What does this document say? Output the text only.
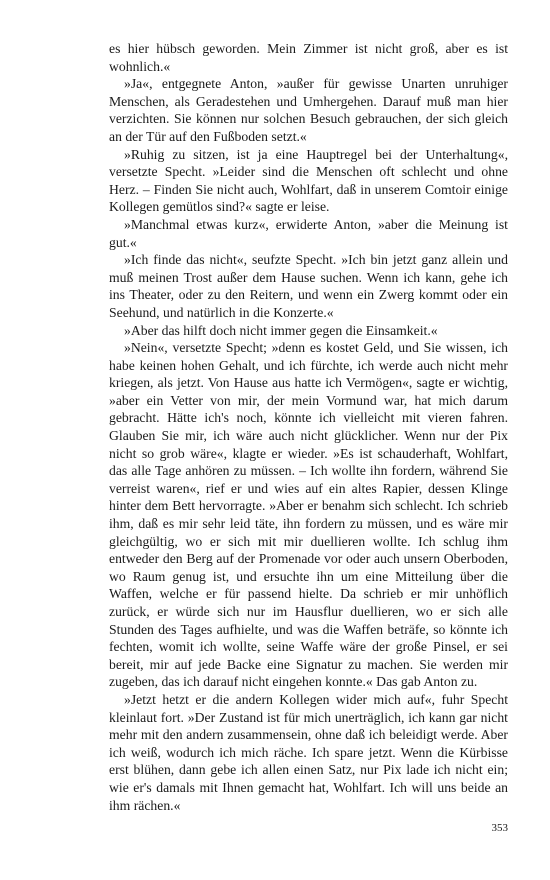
es hier hübsch geworden. Mein Zimmer ist nicht groß, aber es ist wohnlich.«

»Ja«, entgegnete Anton, »außer für gewisse Unarten unruhiger Menschen, als Geradestehen und Umhergehen. Darauf muß man hier verzichten. Sie können nur solchen Besuch gebrauchen, der sich gleich an der Tür auf den Fußboden setzt.«

»Ruhig zu sitzen, ist ja eine Hauptregel bei der Unterhaltung«, versetzte Specht. »Leider sind die Menschen oft schlecht und ohne Herz. – Finden Sie nicht auch, Wohlfart, daß in unserem Comtoir einige Kollegen gemütlos sind?« sagte er leise.

»Manchmal etwas kurz«, erwiderte Anton, »aber die Meinung ist gut.«

»Ich finde das nicht«, seufzte Specht. »Ich bin jetzt ganz allein und muß meinen Trost außer dem Hause suchen. Wenn ich kann, gehe ich ins Theater, oder zu den Reitern, und wenn ein Zwerg kommt oder ein Seehund, und natürlich in die Konzerte.«

»Aber das hilft doch nicht immer gegen die Einsamkeit.«

»Nein«, versetzte Specht; »denn es kostet Geld, und Sie wissen, ich habe keinen hohen Gehalt, und ich fürchte, ich werde auch nicht mehr kriegen, als jetzt. Von Hause aus hatte ich Vermögen«, sagte er wichtig, »aber ein Vetter von mir, der mein Vormund war, hat mich darum gebracht. Hätte ich's noch, könnte ich vielleicht mit vieren fahren. Glauben Sie mir, ich wäre auch nicht glücklicher. Wenn nur der Pix nicht so grob wäre«, klagte er wieder. »Es ist schauderhaft, Wohlfart, das alle Tage anhören zu müssen. – Ich wollte ihn fordern, während Sie verreist waren«, rief er und wies auf ein altes Rapier, dessen Klinge hinter dem Bett hervorragte. »Aber er benahm sich schlecht. Ich schrieb ihm, daß es mir sehr leid täte, ihn fordern zu müssen, und es wäre mir gleichgültig, wo er sich mit mir duellieren wollte. Ich schlug ihm entweder den Berg auf der Promenade vor oder auch unsern Oberboden, wo Raum genug ist, und ersuchte ihn um eine Mitteilung über die Waffen, welche er für passend hielte. Da schrieb er mir unhöflich zurück, er würde sich nur im Hausflur duellieren, wo er sich alle Stunden des Tages aufhielte, und was die Waffen beträfe, so könnte ich fechten, womit ich wollte, seine Waffe wäre der große Pinsel, er sei bereit, mir auf jede Backe eine Signatur zu machen. Sie werden mir zugeben, das ich darauf nicht eingehen konnte.« Das gab Anton zu.

»Jetzt hetzt er die andern Kollegen wider mich auf«, fuhr Specht kleinlaut fort. »Der Zustand ist für mich unerträglich, ich kann gar nicht mehr mit den andern zusammensein, ohne daß ich beleidigt werde. Aber ich weiß, wodurch ich mich räche. Ich spare jetzt. Wenn die Kürbisse erst blühen, dann gebe ich allen einen Satz, nur Pix lade ich nicht ein; wie er's damals mit Ihnen gemacht hat, Wohlfart. Ich will uns beide an ihm rächen.«

353
